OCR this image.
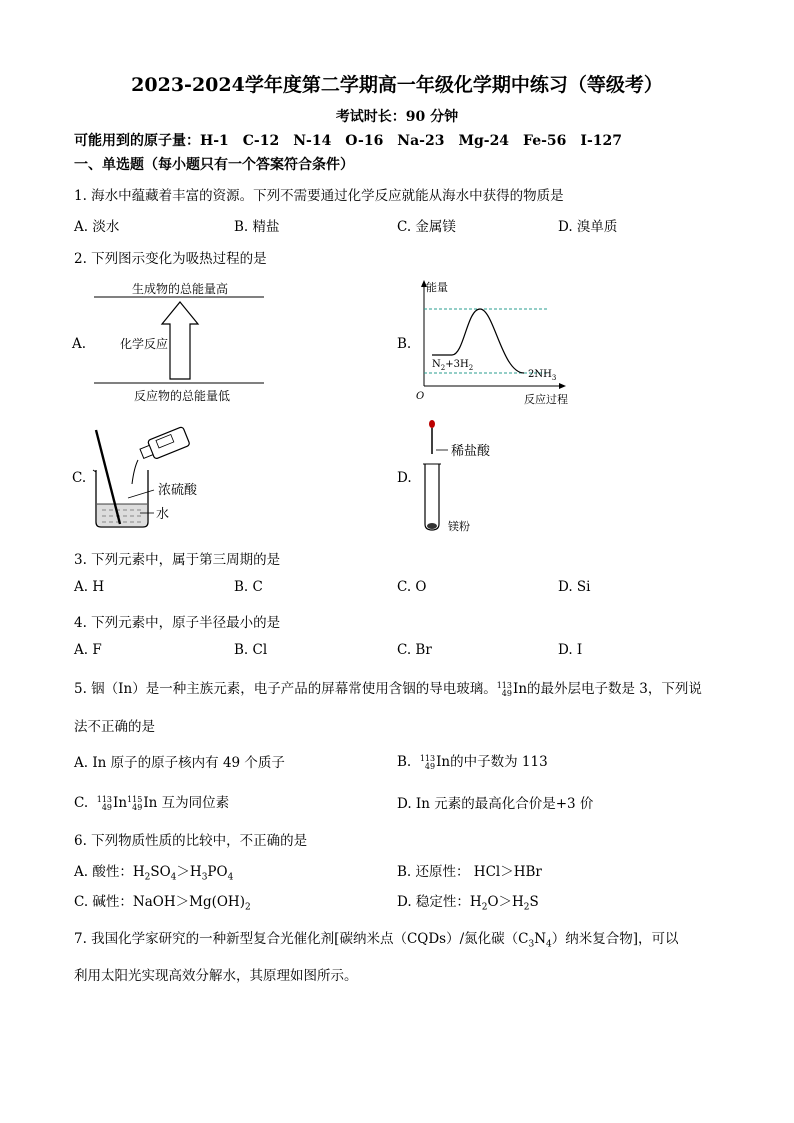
2023-2024学年度第二学期高一年级化学期中练习（等级考）
考试时长：90 分钟
可能用到的原子量：H-1　C-12　N-14　O-16　Na-23　Mg-24　Fe-56　I-127
一、单选题（每小题只有一个答案符合条件）
1. 海水中蕴藏着丰富的资源。下列不需要通过化学反应就能从海水中获得的物质是
A. 淡水	B. 精盐	C. 金属镁	D. 溴单质
2. 下列图示变化为吸热过程的是
A.
生成物的总能量高
化学反应
反应物的总能量低
B.
能量
O	反应过程
$N_2+3H_2$
$2NH_3$
C.
浓硫酸
水
D.
稀盐酸
镁粉
3. 下列元素中，属于第三周期的是
A. H	B. C	C. O	D. Si
4. 下列元素中，原子半径最小的是
A. F	B. Cl	C. Br	D. I
5. 铟（In）是一种主族元素，电子产品的屏幕常使用含铟的导电玻璃。 113
49 In的最外层电子数是 3，下列说
法不正确的是
A. In 原子的原子核内有 49 个质子	B. 113
49 In的中子数为 113
C. 113
49 In 115
49 In 互为同位素	D. In 元素的最高化合价是+3 价
6. 下列物质性质的比较中，不正确的是
A. 酸性：$H_2SO_4>H_3PO_4$	B. 还原性： HCl＞HBr
C. 碱性：$NaOH>Mg(OH)_2$	D. 稳定性：$H_2O>H_2S$
7. 我国化学家研究的一种新型复合光催化剂[碳纳米点（CQDs）/氮化碳$(C_3N_4)$纳米复合物]，可以
利用太阳光实现高效分解水，其原理如图所示。
